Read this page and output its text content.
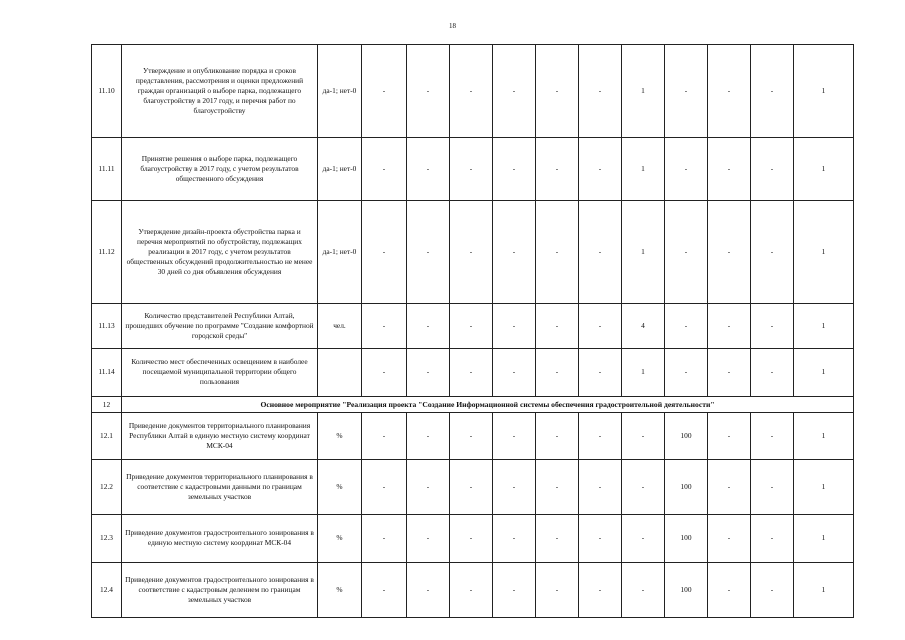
18
11.10	Утверждение и опубликование порядка и сроков представления, рассмотрения и оценки предложений граждан организаций о выборе парка, подлежащего благоустройству в 2017 году, и перечня работ по благоустройству	да-1; нет-0	-	-	-	-	-	-	1	-	-	-	1
11.11	Принятие решения о выборе парка, подлежащего благоустройству в 2017 году, с учетом результатов общественного обсуждения	да-1; нет-0	-	-	-	-	-	-	1	-	-	-	1
11.12	Утверждение дизайн-проекта обустройства парка и перечня мероприятий по обустройству, подлежащих реализации в 2017 году, с учетом результатов общественных обсуждений продолжительностью не менее 30 дней со дня объявления обсуждения	да-1; нет-0	-	-	-	-	-	-	1	-	-	-	1
11.13	Количество представителей Республики Алтай, прошедших обучение по программе "Создание комфортной городской среды"	чел.	-	-	-	-	-	-	4	-	-	-	1
11.14	Количество мест обеспеченных освещением в наиболее посещаемой муниципальной территории общего пользования		-	-	-	-	-	-	1	-	-	-	1
12	Основное мероприятие "Реализация проекта "Создание Информационной системы обеспечения градостроительной деятельности"												
12.1	Приведение документов территориального планирования Республики Алтай в единую местную систему координат МСК-04	%	-	-	-	-	-	-	-	100	-	-	1
12.2	Приведение документов территориального планирования в соответствие с кадастровыми данными по границам земельных участков	%	-	-	-	-	-	-	-	100	-	-	1
12.3	Приведение документов градостроительного зонирования в единую местную систему координат МСК-04	%	-	-	-	-	-	-	-	100	-	-	1
12.4	Приведение документов градостроительного зонирования в соответствие с кадастровым делением по границам земельных участков	%	-	-	-	-	-	-	-	100	-	-	1
